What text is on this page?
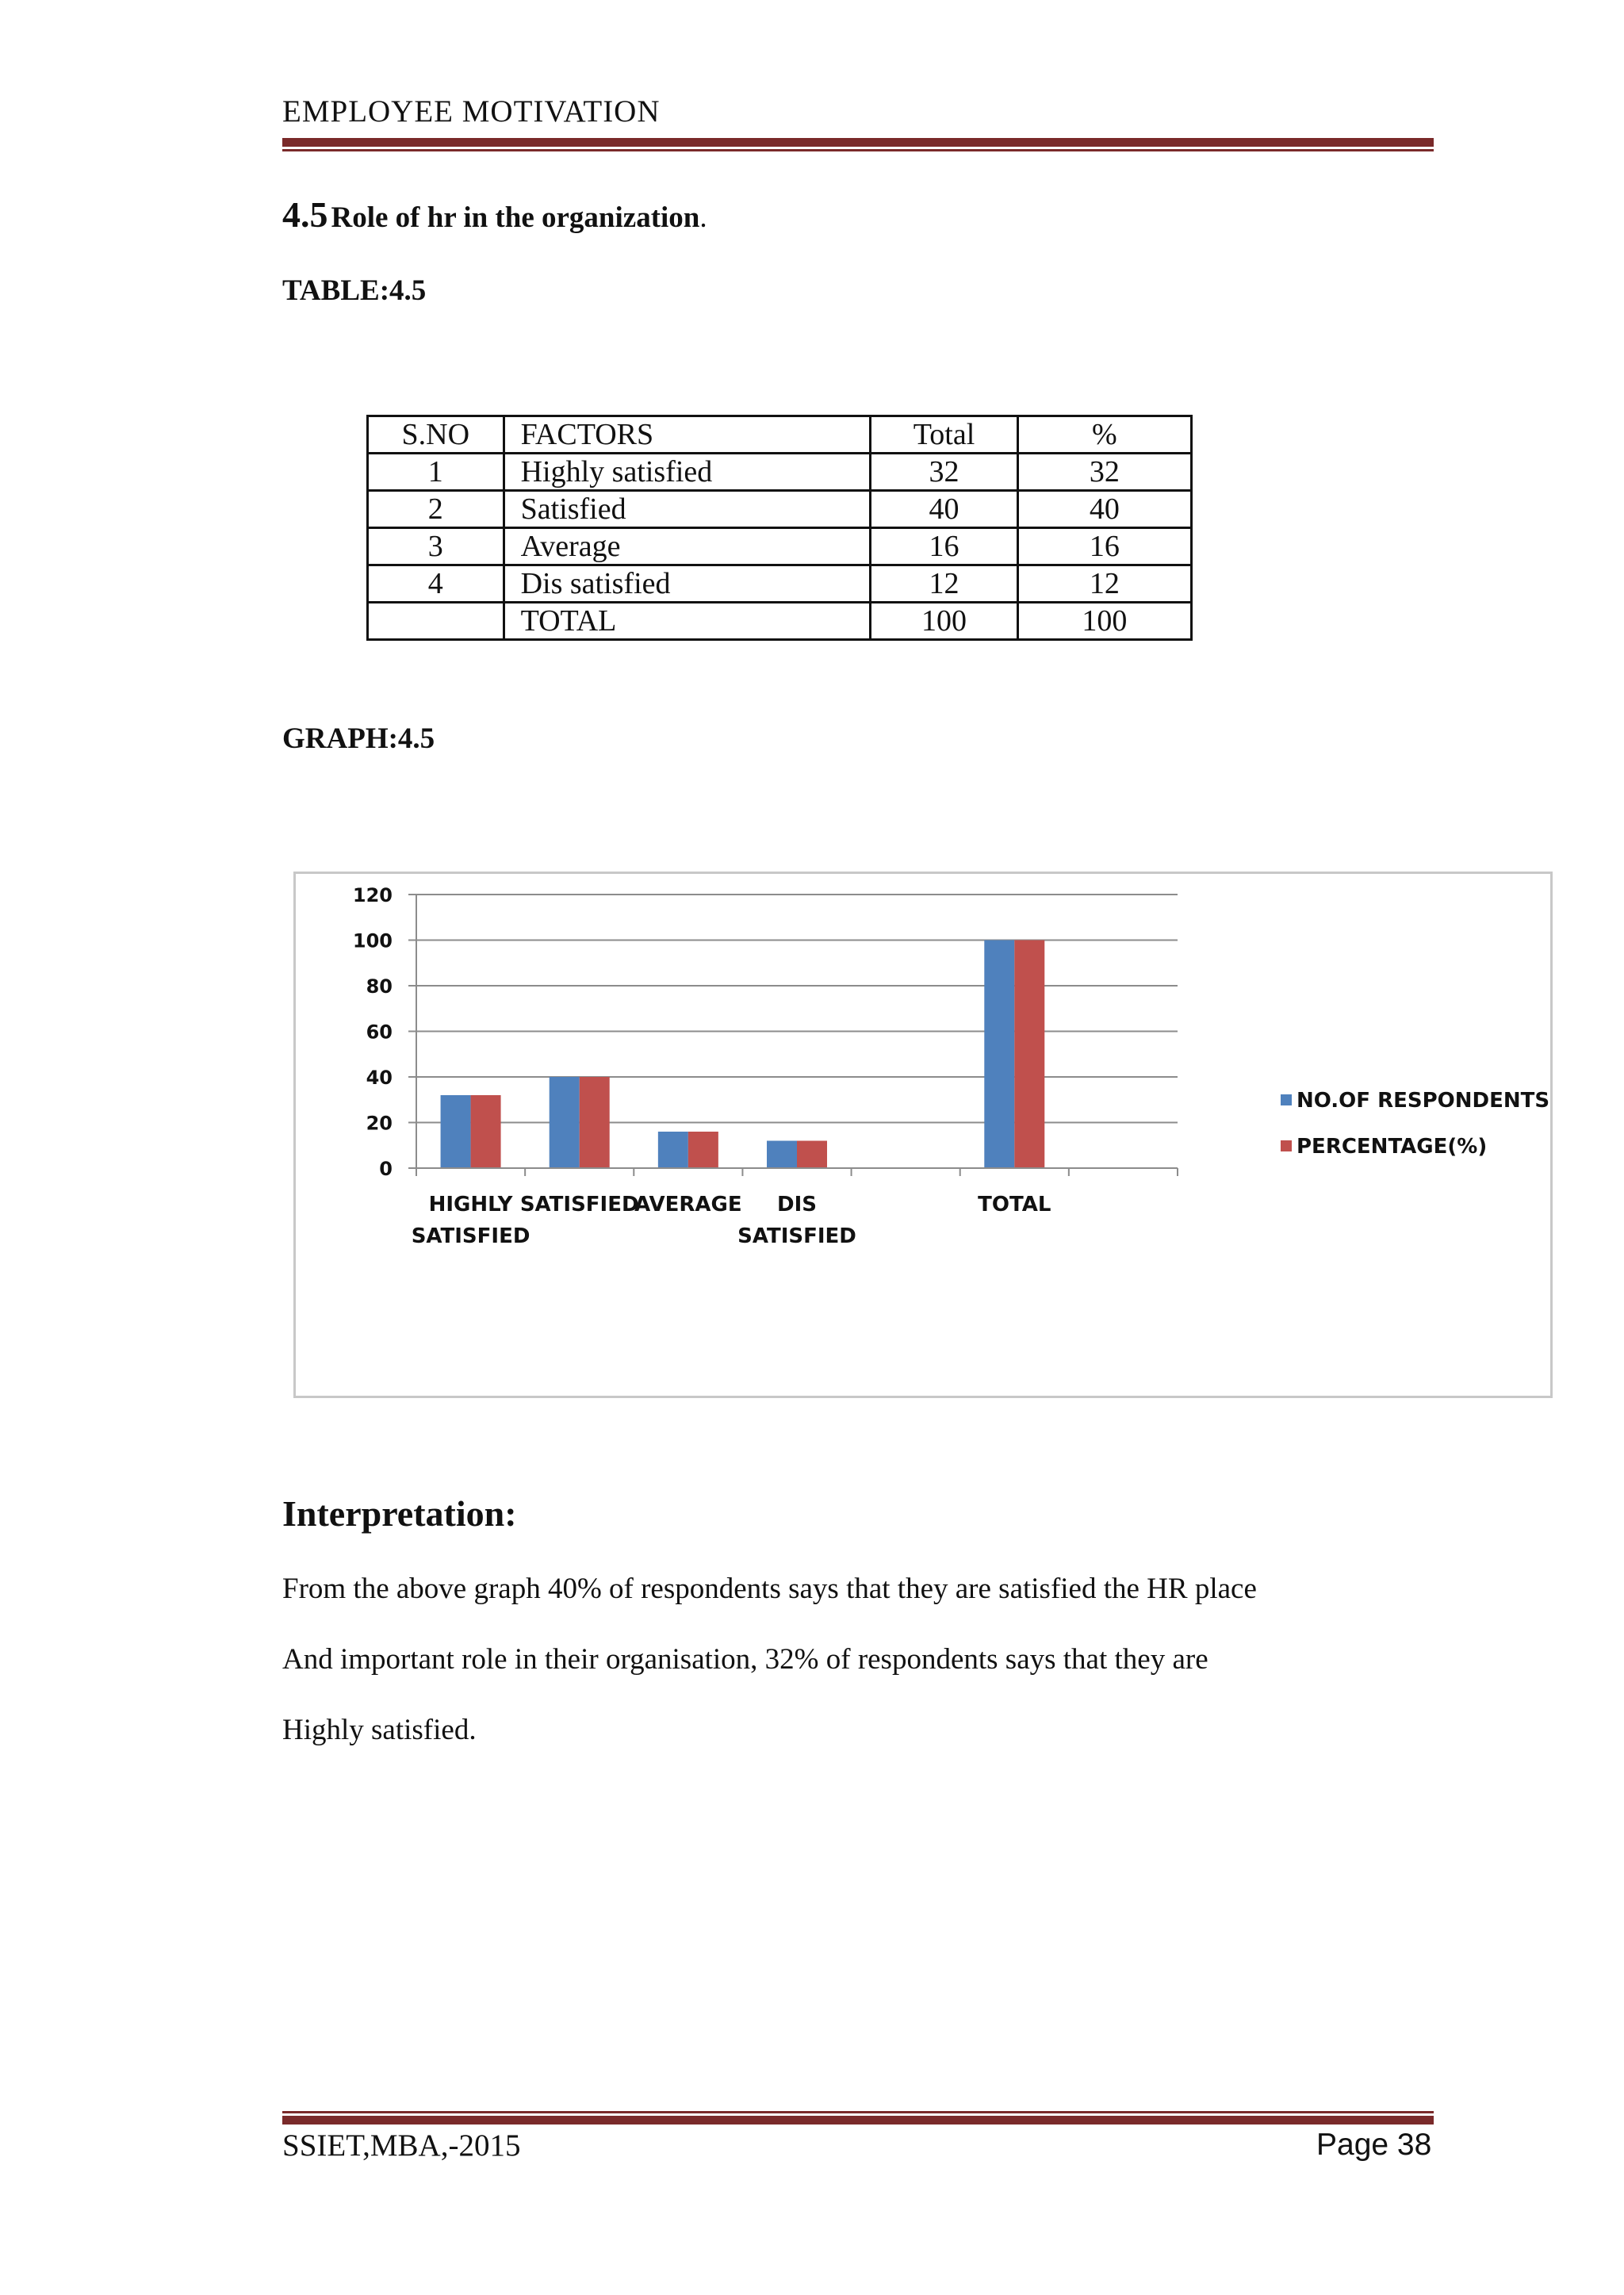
EMPLOYEE MOTIVATION
4.5 Role of hr in the organization.
TABLE:4.5
S.NO	FACTORS	Total	%
1	Highly satisfied	32	32
2	Satisfied	40	40
3	Average	16	16
4	Dis satisfied	12	12
	TOTAL	100	100
GRAPH:4.5
0
20
40
60
80
100
120
HIGHLY
SATISFIED
SATISFIED
AVERAGE DIS
SATISFIED
TOTAL
NO.OF RESPONDENTS
PERCENTAGE(%)
Interpretation:
From the above graph 40% of respondents says that they are satisfied the HR place
And important role in their organisation, 32% of respondents says that they are
Highly satisfied.
SSIET,MBA,-2015	Page 38
